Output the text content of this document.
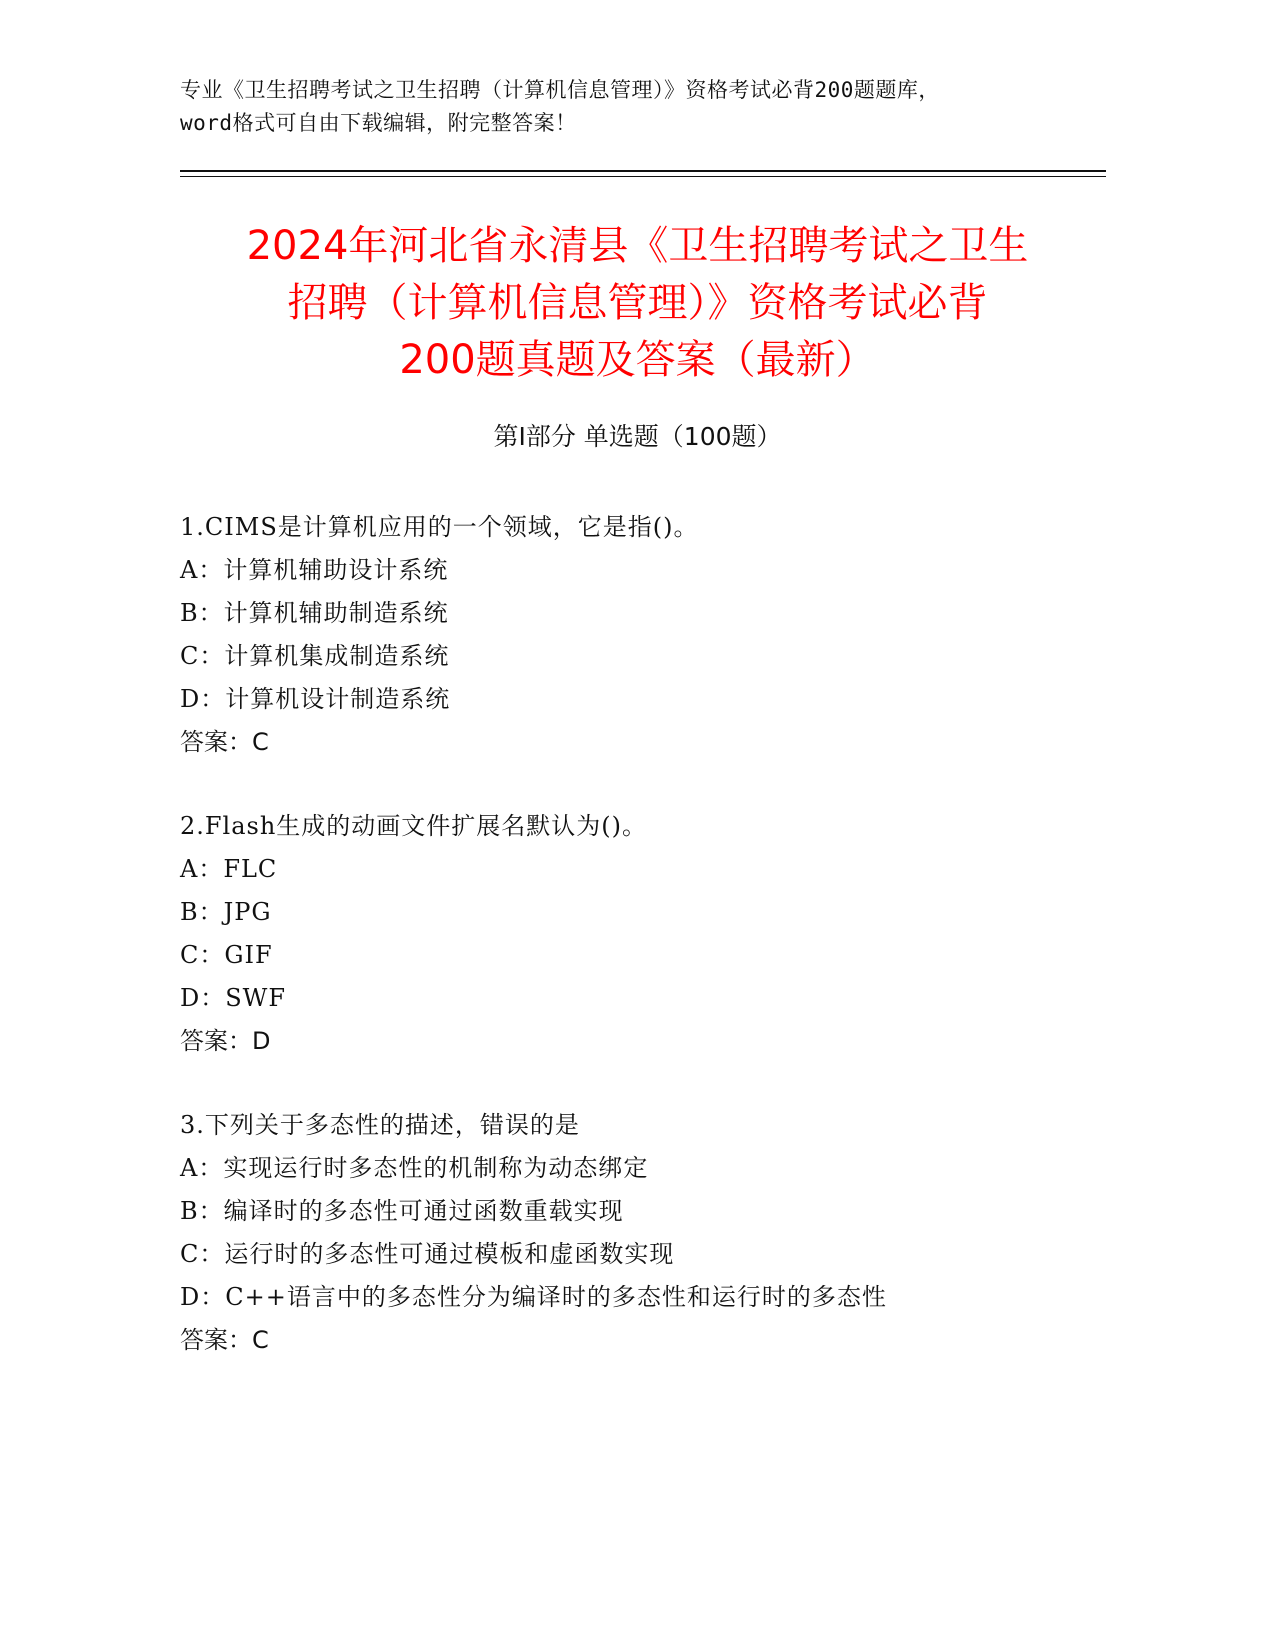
专业《卫生招聘考试之卫生招聘（计算机信息管理）》资格考试必背200题题库，
word格式可自由下载编辑，附完整答案！
2024年河北省永清县《卫生招聘考试之卫生
招聘（计算机信息管理）》资格考试必背
200题真题及答案（最新）
第Ⅰ部分 单选题（100题）
1.CIMS是计算机应用的一个领域，它是指()。
A：计算机辅助设计系统
B：计算机辅助制造系统
C：计算机集成制造系统
D：计算机设计制造系统
答案：C
2.Flash生成的动画文件扩展名默认为()。
A：FLC
B：JPG
C：GIF
D：SWF
答案：D
3.下列关于多态性的描述，错误的是
A：实现运行时多态性的机制称为动态绑定
B：编译时的多态性可通过函数重载实现
C：运行时的多态性可通过模板和虚函数实现
D：C++语言中的多态性分为编译时的多态性和运行时的多态性
答案：C
